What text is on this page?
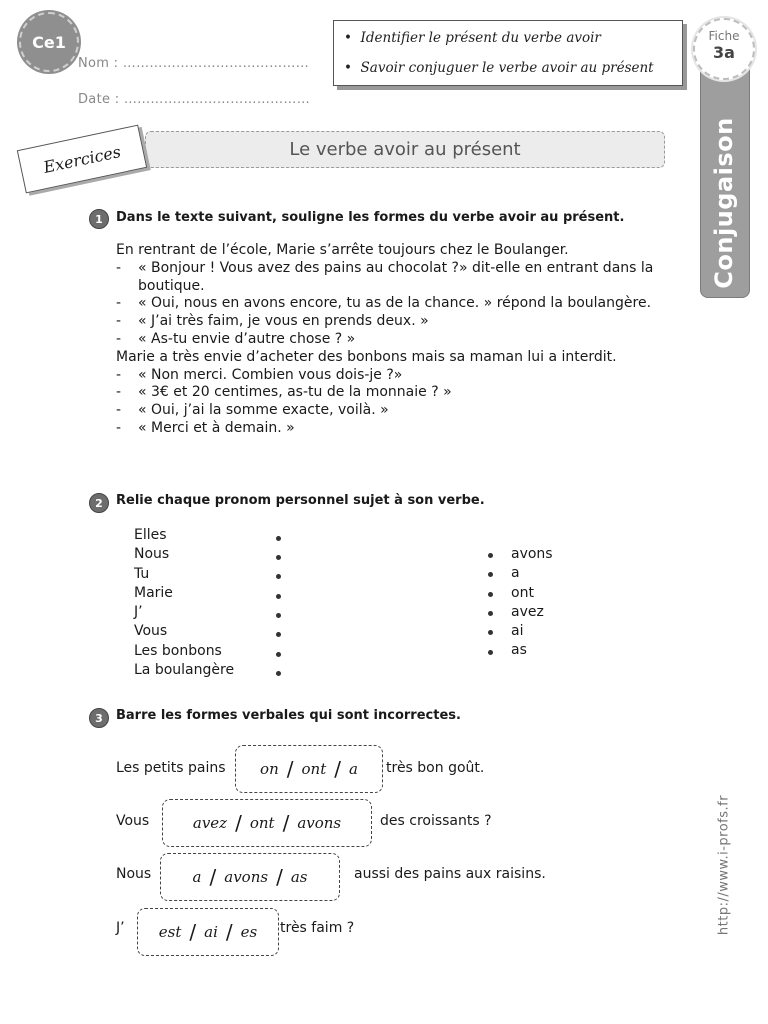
Ce1
Nom : ……………………………………
Date : ……………………………………
•  Identifier le présent du verbe avoir
•  Savoir conjuguer le verbe avoir au présent
Conjugaison
Fiche
3a
Exercices	Le verbe avoir au présent
1	Dans le texte suivant, souligne les formes du verbe avoir au présent.
En rentrant de l’école, Marie s’arrête toujours chez le Boulanger.
- « Bonjour ! Vous avez des pains au chocolat ?» dit-elle en entrant dans la
boutique.
- « Oui, nous en avons encore, tu as de la chance. » répond la boulangère.
- « J’ai très faim, je vous en prends deux. »
- « As-tu envie d’autre chose ? »
Marie a très envie d’acheter des bonbons mais sa maman lui a interdit.
- « Non merci. Combien vous dois-je ?»
- « 3€ et 20 centimes, as-tu de la monnaie ? »
- « Oui, j’ai la somme exacte, voilà. »
- « Merci et à demain. »
2	Relie chaque pronom personnel sujet à son verbe.
Elles
Nous
Tu
Marie
J’
Vous
Les bonbons
La boulangère
avons
a
ont
avez
ai
as
3	Barre les formes verbales qui sont incorrectes.
Les petits pains on / ont / a très bon goût.
Vous	avez / ont / avons	des croissants ?
Nous	a / avons / as	aussi des pains aux raisins.
J’ est / ai / es très faim ?	http://www.i-profs.fr
